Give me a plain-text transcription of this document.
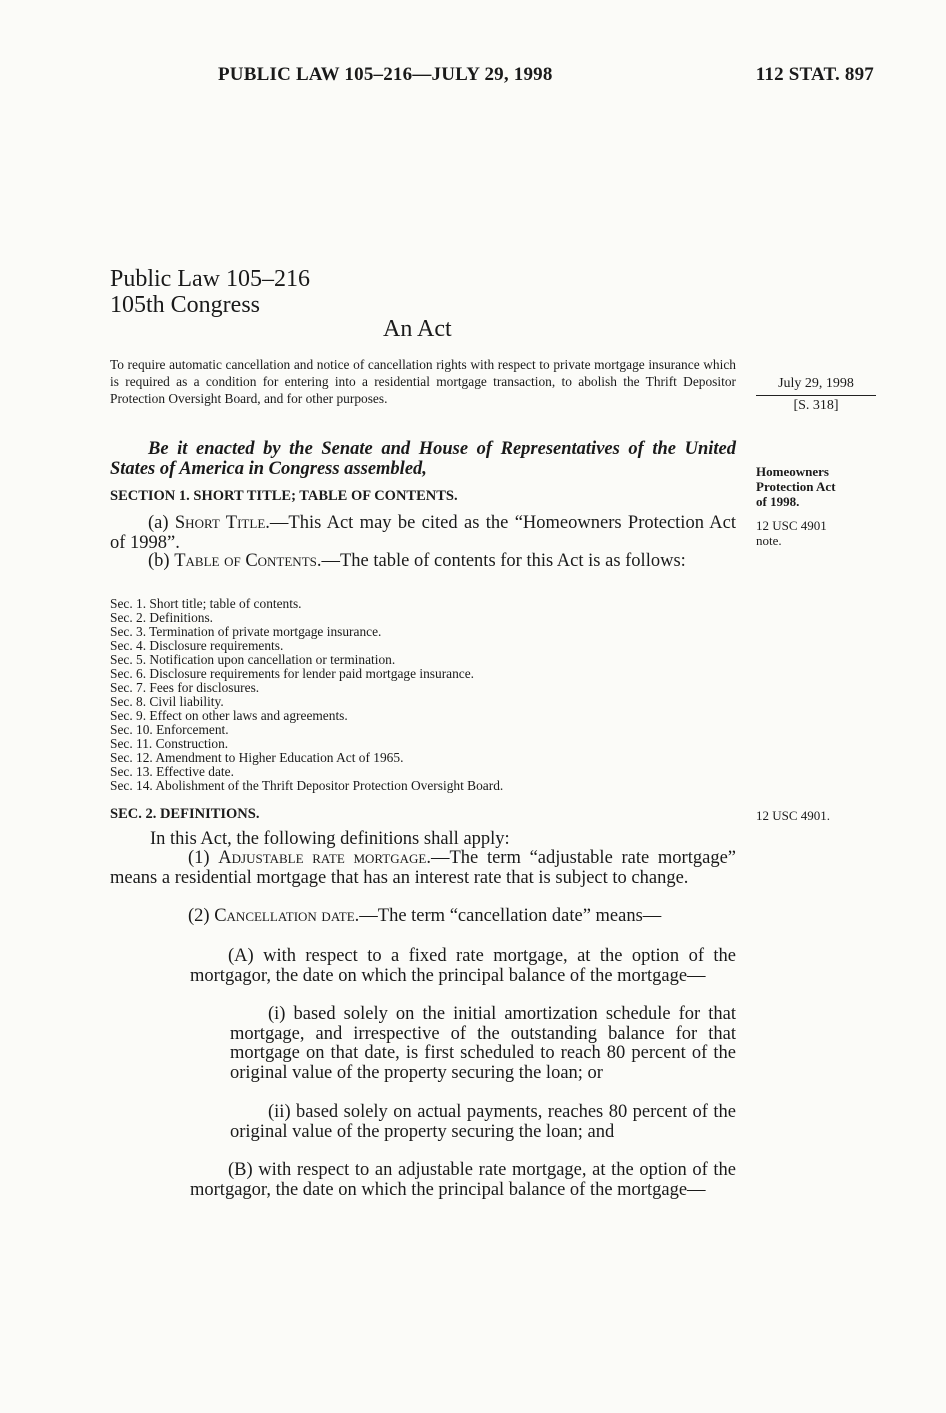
PUBLIC LAW 105–216—JULY 29, 1998	112 STAT. 897
Public Law 105–216
105th Congress
An Act
To require automatic cancellation and notice of cancellation rights with respect to private mortgage insurance which is required as a condition for entering into a residential mortgage transaction, to abolish the Thrift Depositor Protection Oversight Board, and for other purposes.
July 29, 1998
[S. 318]
Be it enacted by the Senate and House of Representatives of the United States of America in Congress assembled,	Homeowners
Protection Act
of 1998.
SECTION 1. SHORT TITLE; TABLE OF CONTENTS.
(a) Short Title.—This Act may be cited as the “Homeowners Protection Act of 1998”.
12 USC 4901
note.
(b) Table of Contents.—The table of contents for this Act is as follows:
Sec. 1. Short title; table of contents.
Sec. 2. Definitions.
Sec. 3. Termination of private mortgage insurance.
Sec. 4. Disclosure requirements.
Sec. 5. Notification upon cancellation or termination.
Sec. 6. Disclosure requirements for lender paid mortgage insurance.
Sec. 7. Fees for disclosures.
Sec. 8. Civil liability.
Sec. 9. Effect on other laws and agreements.
Sec. 10. Enforcement.
Sec. 11. Construction.
Sec. 12. Amendment to Higher Education Act of 1965.
Sec. 13. Effective date.
Sec. 14. Abolishment of the Thrift Depositor Protection Oversight Board.
SEC. 2. DEFINITIONS.	12 USC 4901.
In this Act, the following definitions shall apply:
(1) Adjustable rate mortgage.—The term “adjustable rate mortgage” means a residential mortgage that has an interest rate that is subject to change.
(2) Cancellation date.—The term “cancellation date” means—
(A) with respect to a fixed rate mortgage, at the option of the mortgagor, the date on which the principal balance of the mortgage—
(i) based solely on the initial amortization schedule for that mortgage, and irrespective of the outstanding balance for that mortgage on that date, is first scheduled to reach 80 percent of the original value of the property securing the loan; or
(ii) based solely on actual payments, reaches 80 percent of the original value of the property securing the loan; and
(B) with respect to an adjustable rate mortgage, at the option of the mortgagor, the date on which the principal balance of the mortgage—
